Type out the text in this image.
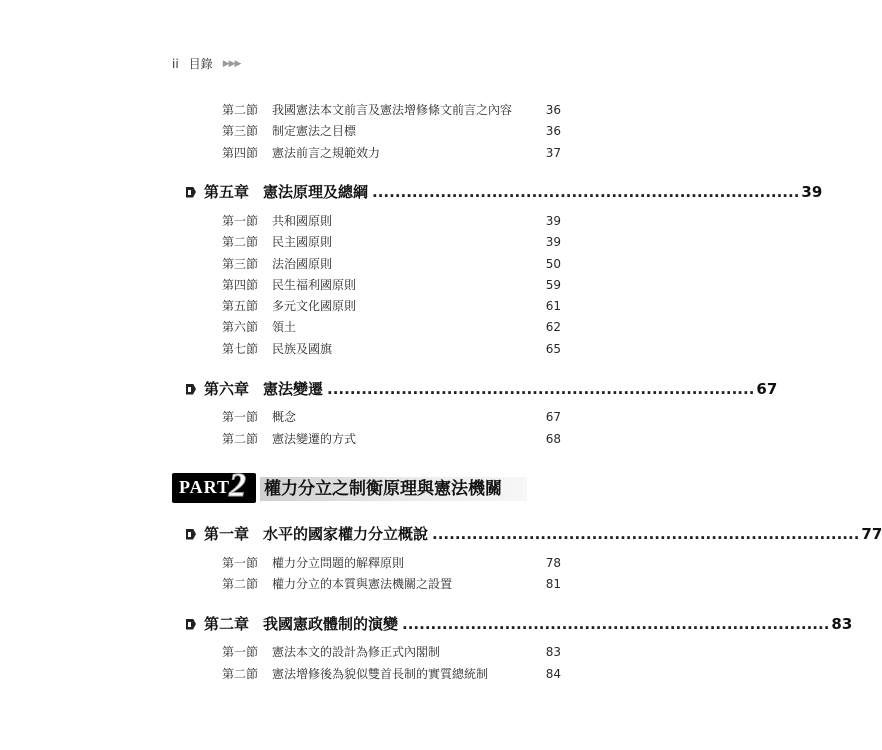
ii 目錄 ▶▶▶
第二節 我國憲法本文前言及憲法增修條文前言之內容	36
第三節 制定憲法之目標	36
第四節 憲法前言之規範效力	37
第五章 憲法原理及總綱 ........................................................................... 39
第一節 共和國原則	39
第二節 民主國原則	39
第三節 法治國原則	50
第四節 民生福利國原則	59
第五節 多元文化國原則	61
第六節 領土	62
第七節 民族及國旗	65
第六章 憲法變遷 ........................................................................... 67
第一節 概念	67
第二節 憲法變遷的方式	68
PART
2 權力分立之制衡原理與憲法機關
第一章 水平的國家權力分立概說 ........................................................................... 77
第一節 權力分立問題的解釋原則	78
第二節 權力分立的本質與憲法機關之設置	81
第二章 我國憲政體制的演變 ........................................................................... 83
第一節 憲法本文的設計為修正式內閣制	83
第二節 憲法增修後為貌似雙首長制的實質總統制	84
